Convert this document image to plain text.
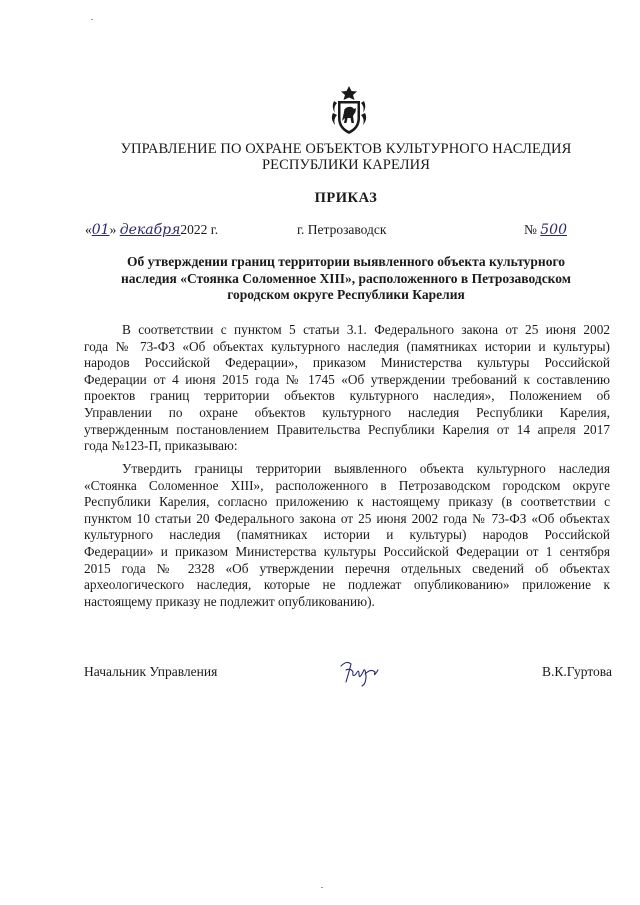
УПРАВЛЕНИЕ ПО ОХРАНЕ ОБЪЕКТОВ КУЛЬТУРНОГО НАСЛЕДИЯ
РЕСПУБЛИКИ КАРЕЛИЯ
ПРИКАЗ
«01» декабря2022 г.	г. Петрозаводск	№ 500
Об утверждении границ территории выявленного объекта культурного
наследия «Стоянка Соломенное XIII», расположенного в Петрозаводском
городском округе Республики Карелия
В соответствии с пунктом 5 статьи 3.1. Федерального закона от 25 июня 2002
года № 73-ФЗ «Об объектах культурного наследия (памятниках истории и культуры)
народов Российской Федерации», приказом Министерства культуры Российской
Федерации от 4 июня 2015 года № 1745 «Об утверждении требований к составлению
проектов границ территории объектов культурного наследия», Положением об
Управлении по охране объектов культурного наследия Республики Карелия,
утвержденным постановлением Правительства Республики Карелия от 14 апреля 2017
года №123-П, приказываю:
Утвердить границы территории выявленного объекта культурного наследия
«Стоянка Соломенное XIII», расположенного в Петрозаводском городском округе
Республики Карелия, согласно приложению к настоящему приказу (в соответствии с
пунктом 10 статьи 20 Федерального закона от 25 июня 2002 года № 73-ФЗ «Об объектах
культурного наследия (памятниках истории и культуры) народов Российской
Федерации» и приказом Министерства культуры Российской Федерации от 1 сентября
2015 года № 2328 «Об утверждении перечня отдельных сведений об объектах
археологического наследия, которые не подлежат опубликованию» приложение к
настоящему приказу не подлежит опубликованию).
Начальник Управления	В.К.Гуртова
